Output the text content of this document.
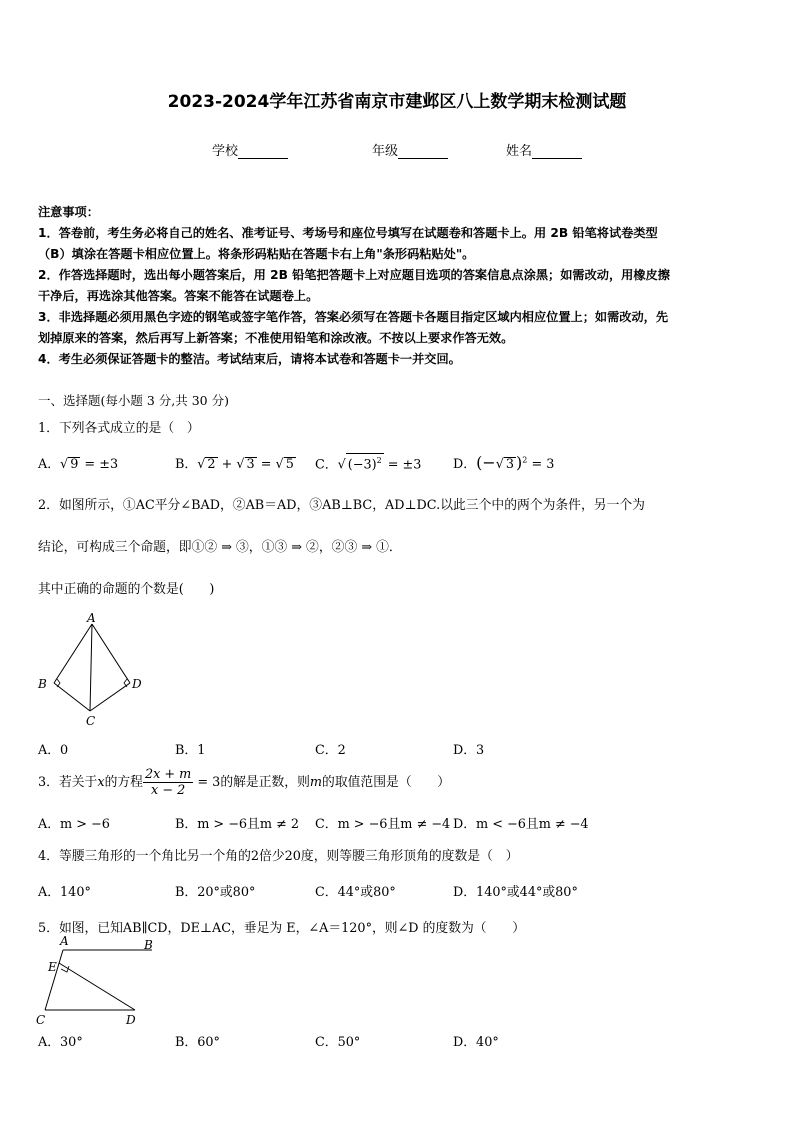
2023-2024学年江苏省南京市建邺区八上数学期末检测试题
学校	年级	姓名
注意事项：
1．答卷前，考生务必将自己的姓名、准考证号、考场号和座位号填写在试题卷和答题卡上。用 2B 铅笔将试卷类型
（B）填涂在答题卡相应位置上。将条形码粘贴在答题卡右上角"条形码粘贴处"。
2．作答选择题时，选出每小题答案后，用 2B 铅笔把答题卡上对应题目选项的答案信息点涂黑；如需改动，用橡皮擦
干净后，再选涂其他答案。答案不能答在试题卷上。
3．非选择题必须用黑色字迹的钢笔或签字笔作答，答案必须写在答题卡各题目指定区域内相应位置上；如需改动，先
划掉原来的答案，然后再写上新答案；不准使用铅笔和涂改液。不按以上要求作答无效。
4．考生必须保证答题卡的整洁。考试结束后，请将本试卷和答题卡一并交回。
一、选择题(每小题 3 分,共 30 分)
1．下列各式成立的是（　）
A．√ 9 = ±3	B．√ 2 + √ 3 = √ 5 C．√ $(-3)^2 = \pm 3$ D．(−√ 3 )$^2$ = 3
2．如图所示，①AC平分∠BAD，②AB＝AD，③AB⊥BC，AD⊥DC.以此三个中的两个为条件，另一个为
结论，可构成三个命题，即①② ⇒ ③，①③ ⇒ ②，②③ ⇒ ①．
其中正确的命题的个数是(　　)
A
B	D
C
A．0	B．1	C．2	D．3
3．若关于x的方程 $\frac{2x + m}{x - 2} = 3$的解是正数，则m的取值范围是（　　）
A．m > −6	B．m > −6且m ≠ 2 C．m > −6且m ≠ −4 D．m < −6且m ≠ −4
4．等腰三角形的一个角比另一个角的2倍少20度，则等腰三角形顶角的度数是（　）
A．140°	B．20°或80°	C．44°或80°	D．140°或44°或80°
5．如图，已知AB∥CD，DE⊥AC，垂足为 E，∠A＝120°，则∠D 的度数为（　　）
A	B
E
C	D
A．30°	B．60°	C．50°	D．40°
